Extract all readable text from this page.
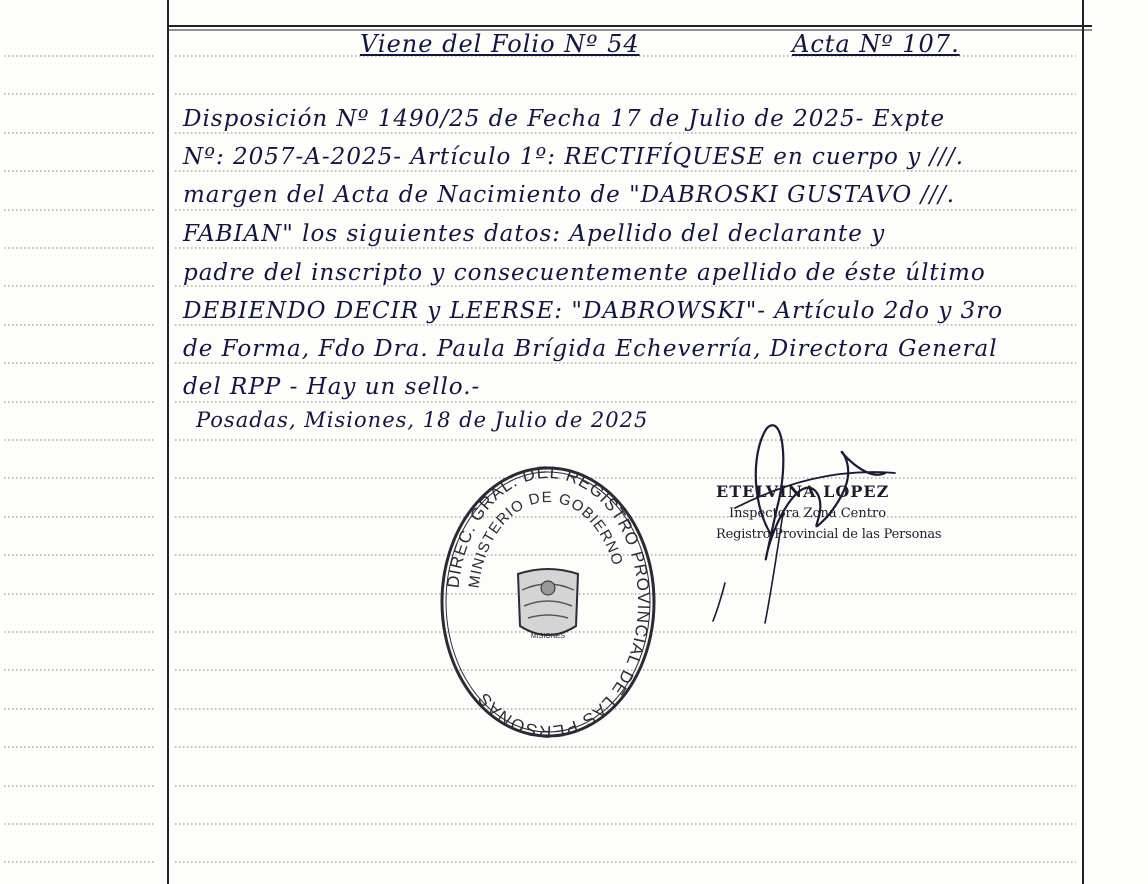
Viene del Folio Nº 54	Acta Nº 107.
Disposición Nº 1490/25 de Fecha 17 de Julio de 2025- Expte
Nº: 2057-A-2025- Artículo 1º: RECTIFÍQUESE en cuerpo y ///.
margen del Acta de Nacimiento de "DABROSKI GUSTAVO ///.
FABIAN" los siguientes datos: Apellido del declarante y
padre del inscripto y consecuentemente apellido de éste último
DEBIENDO DECIR y LEERSE: "DABROWSKI"- Artículo 2do y 3ro
de Forma, Fdo Dra. Paula Brígida Echeverría, Directora General
del RPP - Hay un sello.-
Posadas, Misiones, 18 de Julio de 2025
DIREC. GRAL. DEL REGISTRO PROVINCIAL DE LAS PERSONAS
MINISTERIO DE GOBIERNO
MISIONES
ETELVINA LOPEZ
Inspectora Zona Centro
Registro Provincial de las Personas
